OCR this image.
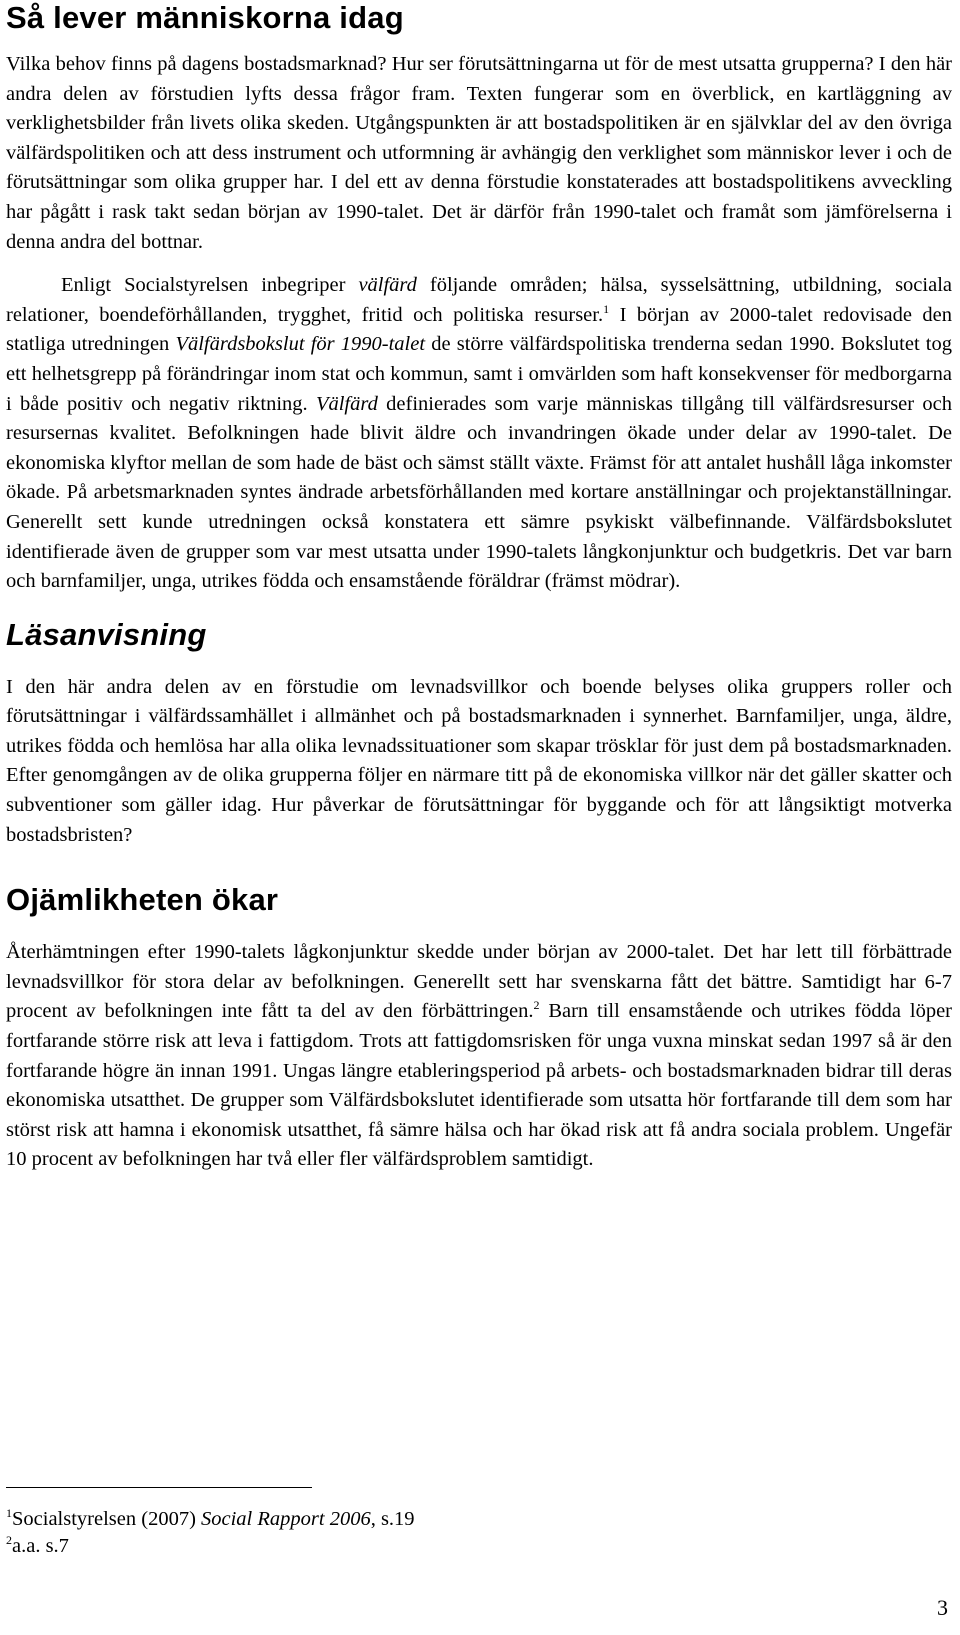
Så lever människorna idag

Vilka behov finns på dagens bostadsmarknad? Hur ser förutsättningarna ut för de mest utsatta grupperna? I den här andra delen av förstudien lyfts dessa frågor fram. Texten fungerar som en överblick, en kartläggning av verklighetsbilder från livets olika skeden. Utgångspunkten är att bostadspolitiken är en självklar del av den övriga välfärdspolitiken och att dess instrument och utformning är avhängig den verklighet som människor lever i och de förutsättningar som olika grupper har. I del ett av denna förstudie konstaterades att bostadspolitikens avveckling har pågått i rask takt sedan början av 1990-talet. Det är därför från 1990-talet och framåt som jämförelserna i denna andra del bottnar.

Enligt Socialstyrelsen inbegriper välfärd följande områden; hälsa, sysselsättning, utbildning, sociala relationer, boendeförhållanden, trygghet, fritid och politiska resurser.$^1$ I början av 2000-talet redovisade den statliga utredningen Välfärdsbokslut för 1990-talet de större välfärdspolitiska trenderna sedan 1990. Bokslutet tog ett helhetsgrepp på förändringar inom stat och kommun, samt i omvärlden som haft konsekvenser för medborgarna i både positiv och negativ riktning. Välfärd definierades som varje människas tillgång till välfärdsresurser och resursernas kvalitet. Befolkningen hade blivit äldre och invandringen ökade under delar av 1990-talet. De ekonomiska klyftor mellan de som hade de bäst och sämst ställt växte. Främst för att antalet hushåll låga inkomster ökade. På arbetsmarknaden syntes ändrade arbetsförhållanden med kortare anställningar och projektanställningar. Generellt sett kunde utredningen också konstatera ett sämre psykiskt välbefinnande. Välfärdsbokslutet identifierade även de grupper som var mest utsatta under 1990-talets långkonjunktur och budgetkris. Det var barn och barnfamiljer, unga, utrikes födda och ensamstående föräldrar (främst mödrar).

Läsanvisning

I den här andra delen av en förstudie om levnadsvillkor och boende belyses olika gruppers roller och förutsättningar i välfärdssamhället i allmänhet och på bostadsmarknaden i synnerhet. Barnfamiljer, unga, äldre, utrikes födda och hemlösa har alla olika levnadssituationer som skapar trösklar för just dem på bostadsmarknaden. Efter genomgången av de olika grupperna följer en närmare titt på de ekonomiska villkor när det gäller skatter och subventioner som gäller idag. Hur påverkar de förutsättningar för byggande och för att långsiktigt motverka bostadsbristen?

Ojämlikheten ökar

Återhämtningen efter 1990-talets lågkonjunktur skedde under början av 2000-talet. Det har lett till förbättrade levnadsvillkor för stora delar av befolkningen. Generellt sett har svenskarna fått det bättre. Samtidigt har 6-7 procent av befolkningen inte fått ta del av den förbättringen.$^2$ Barn till ensamstående och utrikes födda löper fortfarande större risk att leva i fattigdom. Trots att fattigdomsrisken för unga vuxna minskat sedan 1997 så är den fortfarande högre än innan 1991. Ungas längre etableringsperiod på arbets- och bostadsmarknaden bidrar till deras ekonomiska utsatthet. De grupper som Välfärdsbokslutet identifierade som utsatta hör fortfarande till dem som har störst risk att hamna i ekonomisk utsatthet, få sämre hälsa och har ökad risk att få andra sociala problem. Ungefär 10 procent av befolkningen har två eller fler välfärdsproblem samtidigt.

$^1$Socialstyrelsen (2007) Social Rapport 2006, s.19
$^2$a.a. s.7
3
